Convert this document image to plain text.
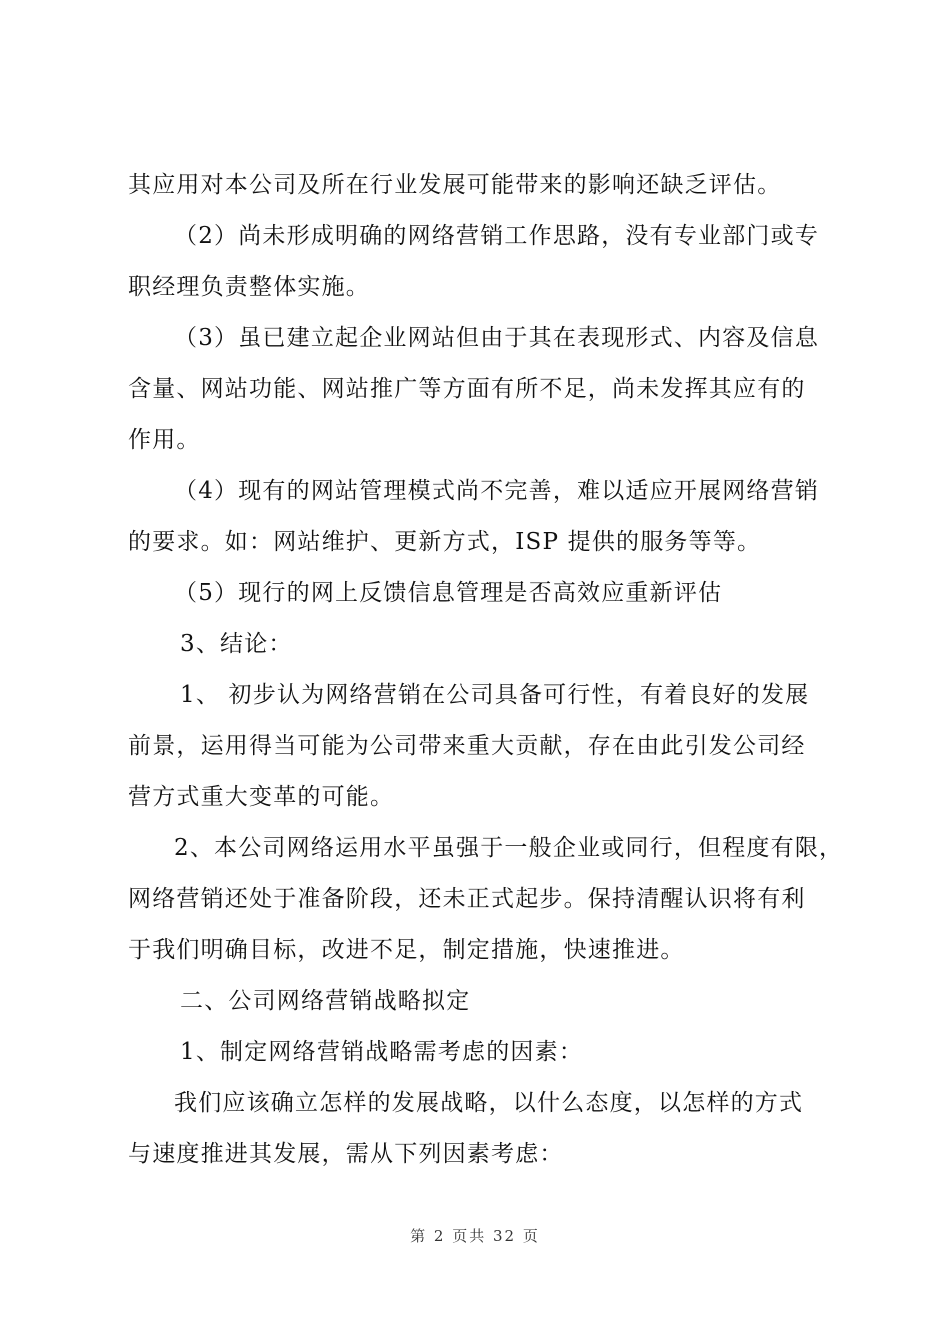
其应用对本公司及所在行业发展可能带来的影响还缺乏评估。
（2）尚未形成明确的网络营销工作思路，没有专业部门或专
职经理负责整体实施。
（3）虽已建立起企业网站但由于其在表现形式、内容及信息
含量、网站功能、网站推广等方面有所不足，尚未发挥其应有的
作用。
（4）现有的网站管理模式尚不完善，难以适应开展网络营销
的要求。如：网站维护、更新方式，ISP 提供的服务等等。
（5）现行的网上反馈信息管理是否高效应重新评估
3、结论：
1、 初步认为网络营销在公司具备可行性，有着良好的发展
前景，运用得当可能为公司带来重大贡献，存在由此引发公司经
营方式重大变革的可能。
2、本公司网络运用水平虽强于一般企业或同行，但程度有限，
网络营销还处于准备阶段，还未正式起步。保持清醒认识将有利
于我们明确目标，改进不足，制定措施，快速推进。
二、公司网络营销战略拟定
1、制定网络营销战略需考虑的因素：
我们应该确立怎样的发展战略，以什么态度，以怎样的方式
与速度推进其发展，需从下列因素考虑：
第 2 页共 32 页
